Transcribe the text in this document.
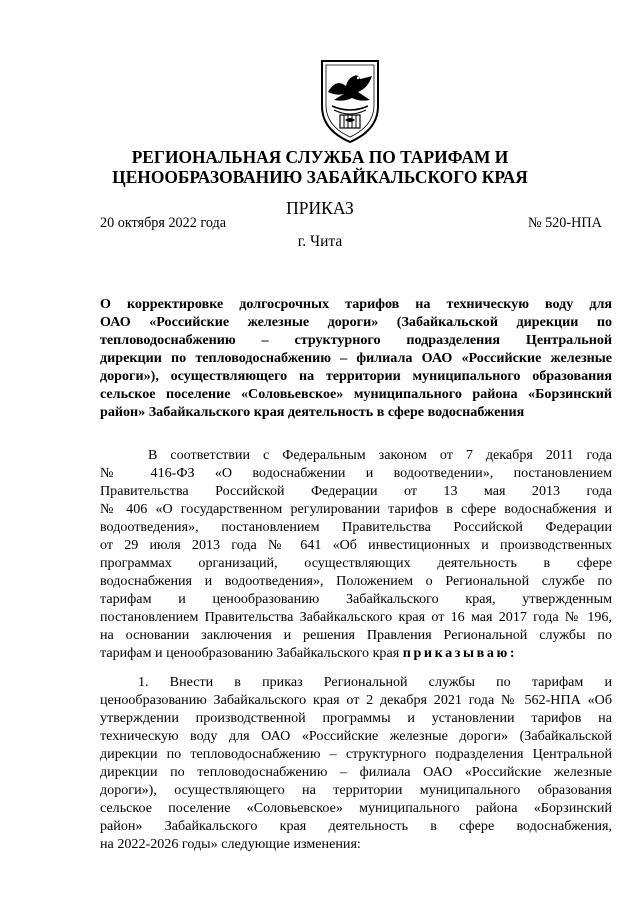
РЕГИОНАЛЬНАЯ СЛУЖБА ПО ТАРИФАМ И
ЦЕНООБРАЗОВАНИЮ ЗАБАЙКАЛЬСКОГО КРАЯ
ПРИКАЗ
20 октября 2022 года	№ 520-НПА
г. Чита
О корректировке долгосрочных тарифов на техническую воду для
ОАО «Российские железные дороги» (Забайкальской дирекции по
тепловодоснабжению – структурного подразделения Центральной
дирекции по тепловодоснабжению – филиала ОАО «Российские железные
дороги»), осуществляющего на территории муниципального образования
сельское поселение «Соловьевское» муниципального района «Борзинский
район» Забайкальского края деятельность в сфере водоснабжения
В соответствии с Федеральным законом от 7 декабря 2011 года
№ 416-ФЗ «О водоснабжении и водоотведении», постановлением
Правительства Российской Федерации от 13 мая 2013 года
№ 406 «О государственном регулировании тарифов в сфере водоснабжения и
водоотведения», постановлением Правительства Российской Федерации
от 29 июля 2013 года № 641 «Об инвестиционных и производственных
программах организаций, осуществляющих деятельность в сфере
водоснабжения и водоотведения», Положением о Региональной службе по
тарифам и ценообразованию Забайкальского края, утвержденным
постановлением Правительства Забайкальского края от 16 мая 2017 года № 196,
на основании заключения и решения Правления Региональной службы по
тарифам и ценообразованию Забайкальского края приказываю:
1. Внести в приказ Региональной службы по тарифам и
ценообразованию Забайкальского края от 2 декабря 2021 года № 562-НПА «Об
утверждении производственной программы и установлении тарифов на
техническую воду для ОАО «Российские железные дороги» (Забайкальской
дирекции по тепловодоснабжению – структурного подразделения Центральной
дирекции по тепловодоснабжению – филиала ОАО «Российские железные
дороги»), осуществляющего на территории муниципального образования
сельское поселение «Соловьевское» муниципального района «Борзинский
район» Забайкальского края деятельность в сфере водоснабжения,
на 2022-2026 годы» следующие изменения:
